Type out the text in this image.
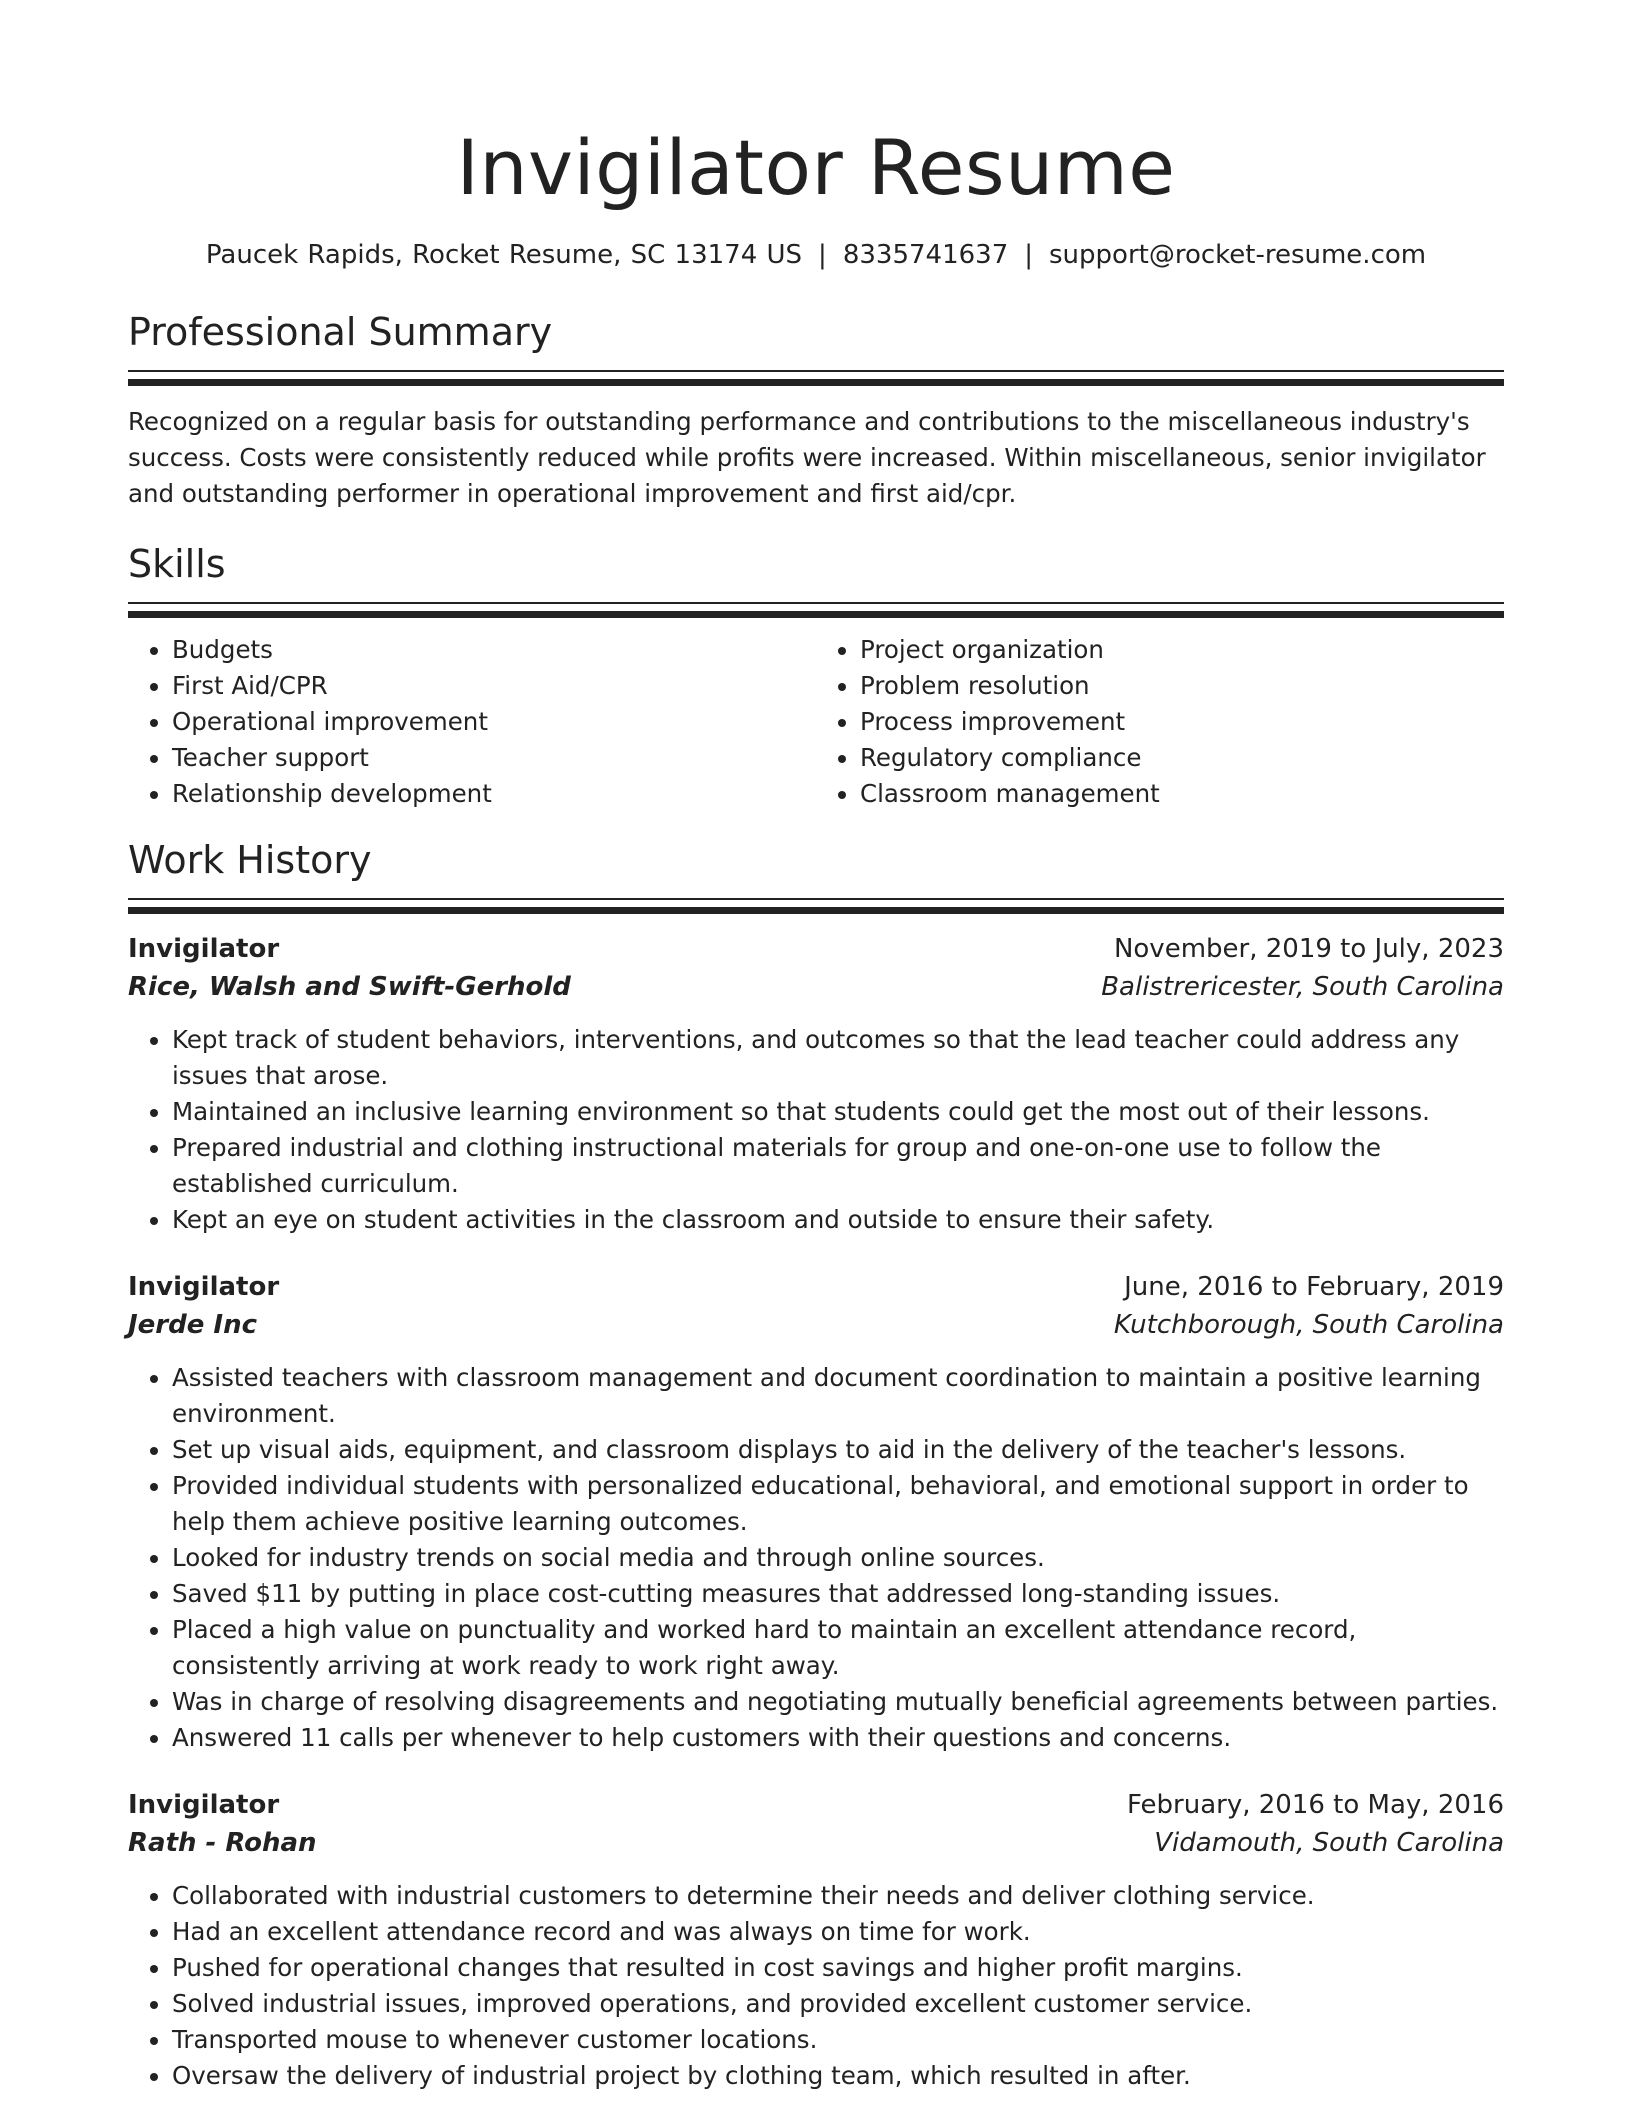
Invigilator Resume
Paucek Rapids, Rocket Resume, SC 13174 US | 8335741637 | support@rocket-resume.com
Professional Summary

Recognized on a regular basis for outstanding performance and contributions to the miscellaneous industry's success. Costs were consistently reduced while profits were increased. Within miscellaneous, senior invigilator and outstanding performer in operational improvement and first aid/cpr.

Skills
• Budgets
• First Aid/CPR
• Operational improvement
• Teacher support
• Relationship development
• Project organization
• Problem resolution
• Process improvement
• Regulatory compliance
• Classroom management
Work History
Invigilator	November, 2019 to July, 2023
Rice, Walsh and Swift-Gerhold	Balistrericester, South Carolina
• Kept track of student behaviors, interventions, and outcomes so that the lead teacher could address any issues that arose.
• Maintained an inclusive learning environment so that students could get the most out of their lessons.
• Prepared industrial and clothing instructional materials for group and one-on-one use to follow the established curriculum.
• Kept an eye on student activities in the classroom and outside to ensure their safety.
Invigilator	June, 2016 to February, 2019
Jerde Inc	Kutchborough, South Carolina
• Assisted teachers with classroom management and document coordination to maintain a positive learning environment.
• Set up visual aids, equipment, and classroom displays to aid in the delivery of the teacher's lessons.
• Provided individual students with personalized educational, behavioral, and emotional support in order to help them achieve positive learning outcomes.
• Looked for industry trends on social media and through online sources.
• Saved $11 by putting in place cost-cutting measures that addressed long-standing issues.
• Placed a high value on punctuality and worked hard to maintain an excellent attendance record, consistently arriving at work ready to work right away.
• Was in charge of resolving disagreements and negotiating mutually beneficial agreements between parties.
• Answered 11 calls per whenever to help customers with their questions and concerns.
Invigilator	February, 2016 to May, 2016
Rath - Rohan	Vidamouth, South Carolina
• Collaborated with industrial customers to determine their needs and deliver clothing service.
• Had an excellent attendance record and was always on time for work.
• Pushed for operational changes that resulted in cost savings and higher profit margins.
• Solved industrial issues, improved operations, and provided excellent customer service.
• Transported mouse to whenever customer locations.
• Oversaw the delivery of industrial project by clothing team, which resulted in after.
